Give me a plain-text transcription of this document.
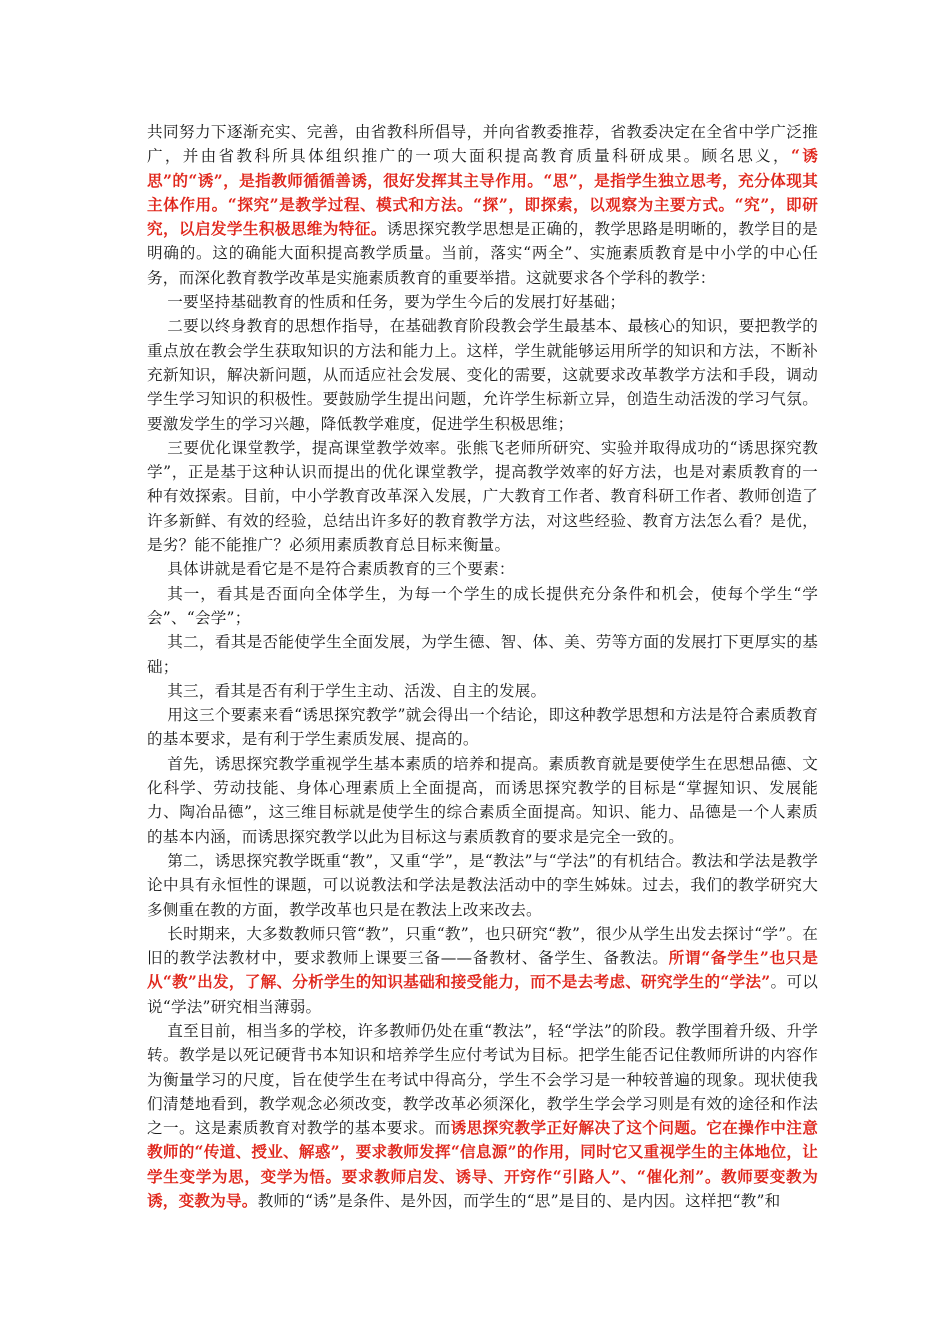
共同努力下逐渐充实、完善，由省教科所倡导，并向省教委推荐，省教委决定在全省中学广泛推广，并由省教科所具体组织推广的一项大面积提高教育质量科研成果。顾名思义，“诱思”的“诱”，是指教师循循善诱，很好发挥其主导作用。“思”，是指学生独立思考，充分体现其主体作用。“探究”是教学过程、模式和方法。“探”，即探索，以观察为主要方式。“究”，即研究，以启发学生积极思维为特征。诱思探究教学思想是正确的，教学思路是明晰的，教学目的是明确的。这的确能大面积提高教学质量。当前，落实“两全”、实施素质教育是中小学的中心任务，而深化教育教学改革是实施素质教育的重要举措。这就要求各个学科的教学：

一要坚持基础教育的性质和任务，要为学生今后的发展打好基础；

二要以终身教育的思想作指导，在基础教育阶段教会学生最基本、最核心的知识，要把教学的重点放在教会学生获取知识的方法和能力上。这样，学生就能够运用所学的知识和方法，不断补充新知识，解决新问题，从而适应社会发展、变化的需要，这就要求改革教学方法和手段，调动学生学习知识的积极性。要鼓励学生提出问题，允许学生标新立异，创造生动活泼的学习气氛。要激发学生的学习兴趣，降低教学难度，促进学生积极思维；

三要优化课堂教学，提高课堂教学效率。张熊飞老师所研究、实验并取得成功的“诱思探究教学”，正是基于这种认识而提出的优化课堂教学，提高教学效率的好方法，也是对素质教育的一种有效探索。目前，中小学教育改革深入发展，广大教育工作者、教育科研工作者、教师创造了许多新鲜、有效的经验，总结出许多好的教育教学方法，对这些经验、教育方法怎么看？是优，是劣？能不能推广？必须用素质教育总目标来衡量。

具体讲就是看它是不是符合素质教育的三个要素：

其一，看其是否面向全体学生，为每一个学生的成长提供充分条件和机会，使每个学生“学会”、“会学”；

其二，看其是否能使学生全面发展，为学生德、智、体、美、劳等方面的发展打下更厚实的基础；

其三，看其是否有利于学生主动、活泼、自主的发展。

用这三个要素来看“诱思探究教学”就会得出一个结论，即这种教学思想和方法是符合素质教育的基本要求，是有利于学生素质发展、提高的。

首先，诱思探究教学重视学生基本素质的培养和提高。素质教育就是要使学生在思想品德、文化科学、劳动技能、身体心理素质上全面提高，而诱思探究教学的目标是“掌握知识、发展能力、陶冶品德”，这三维目标就是使学生的综合素质全面提高。知识、能力、品德是一个人素质的基本内涵，而诱思探究教学以此为目标这与素质教育的要求是完全一致的。

第二，诱思探究教学既重“教”，又重“学”，是“教法”与“学法”的有机结合。教法和学法是教学论中具有永恒性的课题，可以说教法和学法是教法活动中的孪生姊妹。过去，我们的教学研究大多侧重在教的方面，教学改革也只是在教法上改来改去。

长时期来，大多数教师只管“教”，只重“教”，也只研究“教”，很少从学生出发去探讨“学”。在旧的教学法教材中，要求教师上课要三备——备教材、备学生、备教法。所谓“备学生”也只是从“教”出发，了解、分析学生的知识基础和接受能力，而不是去考虑、研究学生的“学法”。可以说“学法”研究相当薄弱。

直至目前，相当多的学校，许多教师仍处在重“教法”，轻“学法”的阶段。教学围着升级、升学转。教学是以死记硬背书本知识和培养学生应付考试为目标。把学生能否记住教师所讲的内容作为衡量学习的尺度，旨在使学生在考试中得高分，学生不会学习是一种较普遍的现象。现状使我们清楚地看到，教学观念必须改变，教学改革必须深化，教学生学会学习则是有效的途径和作法之一。这是素质教育对教学的基本要求。而诱思探究教学正好解决了这个问题。它在操作中注意教师的“传道、授业、解惑”，要求教师发挥“信息源”的作用，同时它又重视学生的主体地位，让学生变学为思，变学为悟。要求教师启发、诱导、开窍作“引路人”、“催化剂”。教师要变教为诱，变教为导。教师的“诱”是条件、是外因，而学生的“思”是目的、是内因。这样把“教”和
